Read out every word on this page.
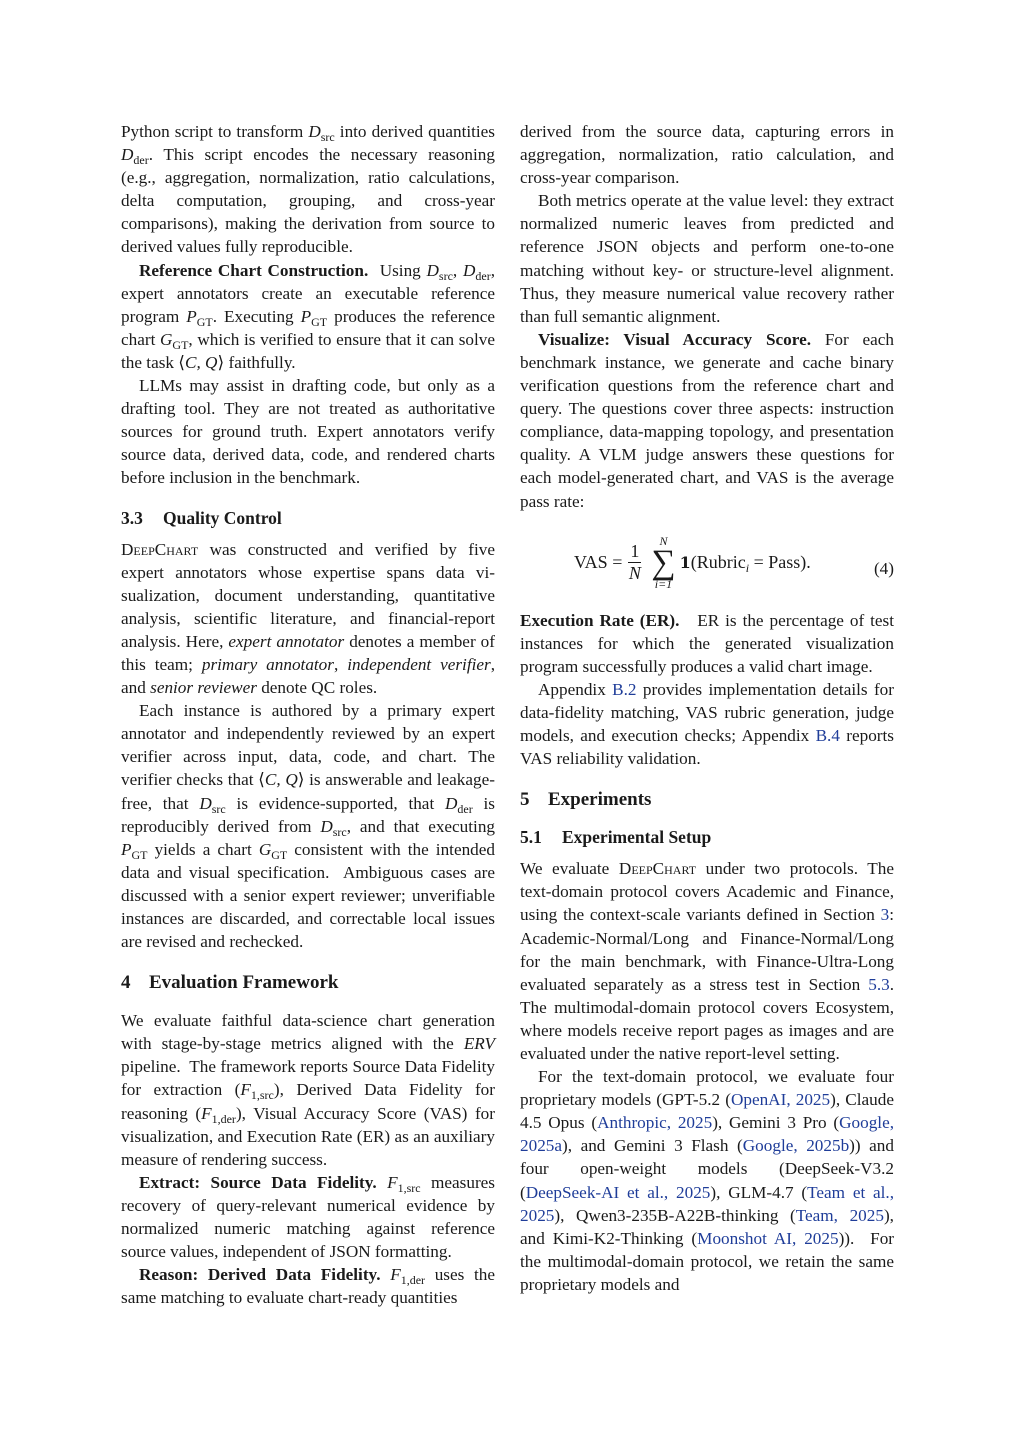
Python script to transform $D_{src}$ into derived quantities $D_{der}$. This script encodes the necessary reasoning (e.g., aggregation, normalization, ratio calculations, delta computation, grouping, and cross-year comparisons), making the derivation from source to derived values fully reproducible.

Reference Chart Construction.  Using $D_{src}$, $D_{der}$, expert annotators create an executable reference program $P_{GT}$. Executing $P_{GT}$ produces the reference chart $G_{GT}$, which is verified to ensure that it can solve the task ⟨C, Q⟩ faithfully.

LLMs may assist in drafting code, but only as a drafting tool. They are not treated as authoritative sources for ground truth. Expert annotators verify source data, derived data, code, and rendered charts before inclusion in the benchmark.

3.3 Quality Control

DeepChart was constructed and verified by five expert annotators whose expertise spans data visualization, document understanding, quantitative analysis, scientific literature, and financial-report analysis. Here, expert annotator denotes a member of this team; primary annotator, independent verifier, and senior reviewer denote QC roles.

Each instance is authored by a primary expert annotator and independently reviewed by an expert verifier across input, data, code, and chart. The verifier checks that ⟨C, Q⟩ is answerable and leakage-free, that $D_{src}$ is evidence-supported, that $D_{der}$ is reproducibly derived from $D_{src}$, and that executing $P_{GT}$ yields a chart $G_{GT}$ consistent with the intended data and visual specification.  Ambiguous cases are discussed with a senior expert reviewer; unverifiable instances are discarded, and correctable local issues are revised and rechecked.

4 Evaluation Framework

We evaluate faithful data-science chart generation with stage-by-stage metrics aligned with the ERV pipeline.  The framework reports Source Data Fidelity for extraction $(F_{1,src})$, Derived Data Fidelity for reasoning $(F_{1,der})$, Visual Accuracy Score (VAS) for visualization, and Execution Rate (ER) as an auxiliary measure of rendering success.

Extract: Source Data Fidelity. $F_{1,src}$ measures recovery of query-relevant numerical evidence by normalized numeric matching against reference source values, independent of JSON formatting.

Reason: Derived Data Fidelity. $F_{1,der}$ uses the same matching to evaluate chart-ready quantities

derived from the source data, capturing errors in aggregation, normalization, ratio calculation, and cross-year comparison.

Both metrics operate at the value level: they extract normalized numeric leaves from predicted and reference JSON objects and perform one-to-one matching without key- or structure-level alignment. Thus, they measure numerical value recovery rather than full semantic alignment.

Visualize: Visual Accuracy Score. For each benchmark instance, we generate and cache binary verification questions from the reference chart and query. The questions cover three aspects: instruction compliance, data-mapping topology, and presentation quality. A VLM judge answers these questions for each model-generated chart, and VAS is the average pass rate:

VAS = $\frac{1}{N}$
N
∑
i=1
1(Rubric$_i$ = Pass).	(4)

Execution Rate (ER). ER is the percentage of test instances for which the generated visualization program successfully produces a valid chart image.

Appendix B.2 provides implementation details for data-fidelity matching, VAS rubric generation, judge models, and execution checks; Appendix B.4 reports VAS reliability validation.

5 Experiments
5.1 Experimental Setup

We evaluate DeepChart under two protocols. The text-domain protocol covers Academic and Finance, using the context-scale variants defined in Section 3: Academic-Normal/Long and Finance-Normal/Long for the main benchmark, with Finance-Ultra-Long evaluated separately as a stress test in Section 5.3. The multimodal-domain protocol covers Ecosystem, where models receive report pages as images and are evaluated under the native report-level setting.

For the text-domain protocol, we evaluate four proprietary models (GPT-5.2 (OpenAI, 2025), Claude 4.5 Opus (Anthropic, 2025), Gemini 3 Pro (Google, 2025a), and Gemini 3 Flash (Google, 2025b)) and four open-weight models (DeepSeek-V3.2 (DeepSeek-AI et al., 2025), GLM-4.7 (Team et al., 2025), Qwen3-235B-A22B-thinking (Team, 2025), and Kimi-K2-Thinking (Moonshot AI, 2025)).  For the multimodal-domain protocol, we retain the same proprietary models and
